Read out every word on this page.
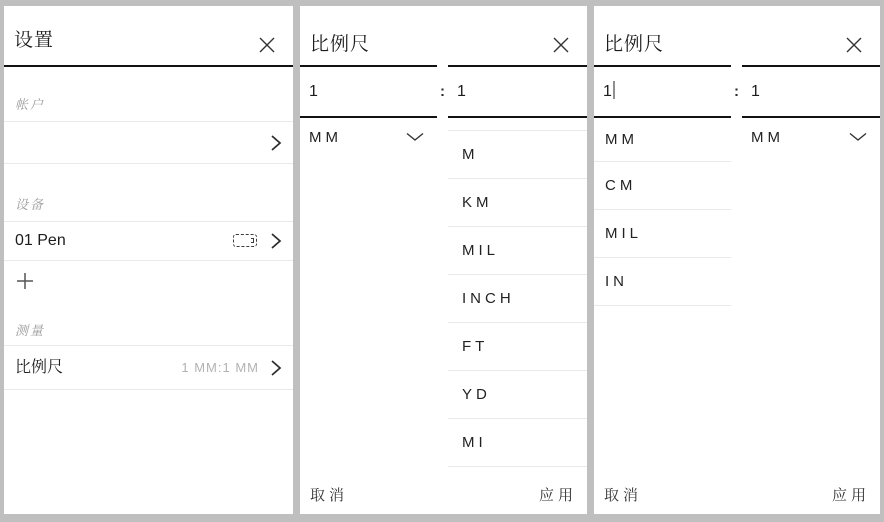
设置
帐户
设备
01 Pen
测量
比例尺	1 MM:1 MM
比例尺
1	: 1
MM
M
KM
MIL
INCH
FT
YD
MI
取消	应用
比例尺
1	: 1
MM
CM
MIL
IN
MM
取消	应用
